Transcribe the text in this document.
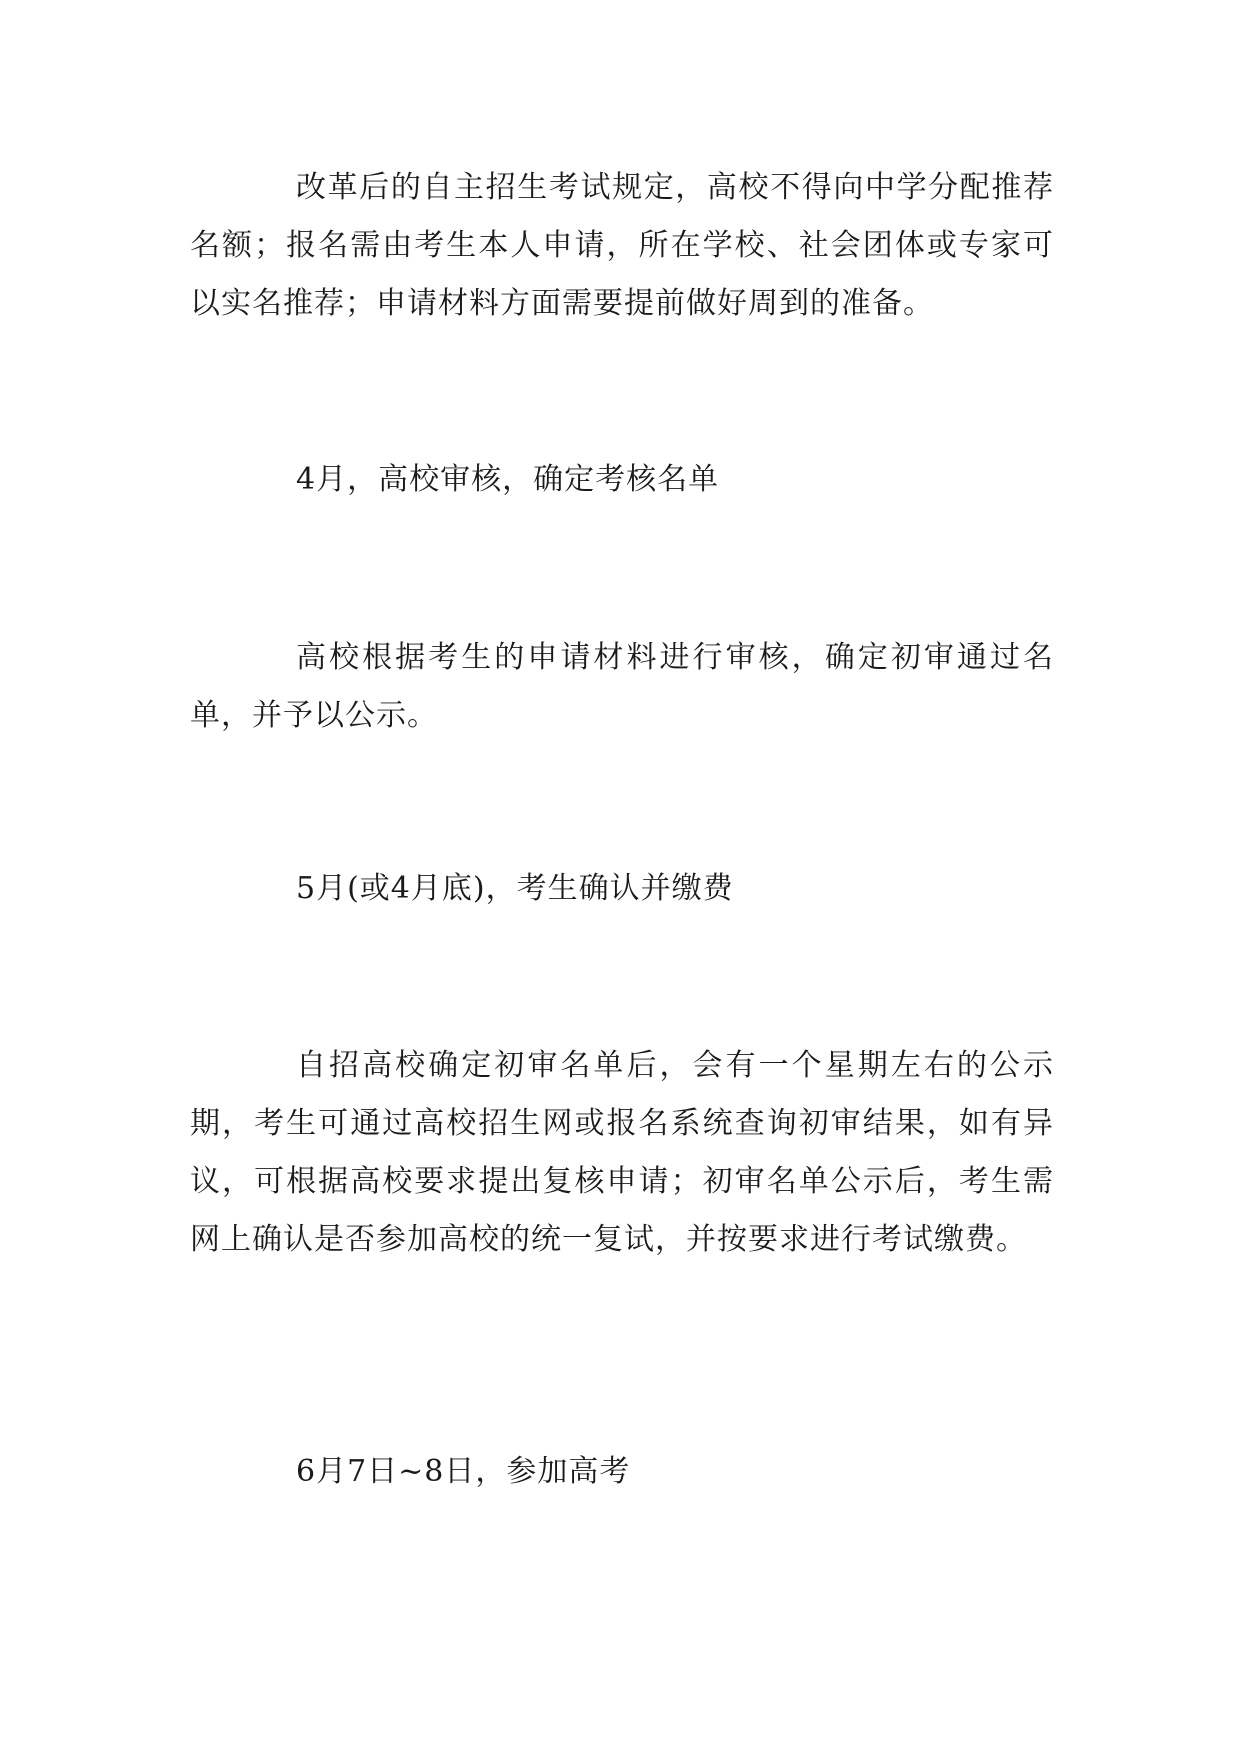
改革后的自主招生考试规定，高校不得向中学分配推荐名额；报名需由考生本人申请，所在学校、社会团体或专家可以实名推荐；申请材料方面需要提前做好周到的准备。

4月，高校审核，确定考核名单

高校根据考生的申请材料进行审核，确定初审通过名单，并予以公示。

5月(或4月底)，考生确认并缴费

自招高校确定初审名单后，会有一个星期左右的公示期，考生可通过高校招生网或报名系统查询初审结果，如有异议，可根据高校要求提出复核申请；初审名单公示后，考生需网上确认是否参加高校的统一复试，并按要求进行考试缴费。

6月7日~8日，参加高考
